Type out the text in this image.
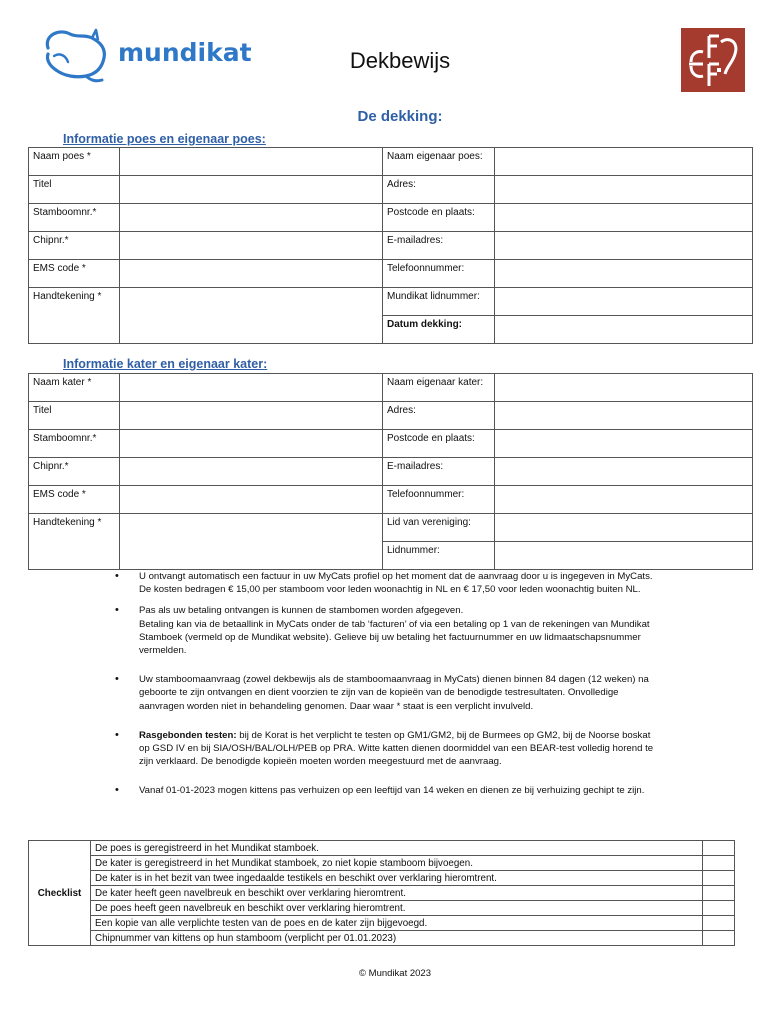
mundikat	Dekbewijs
De dekking:
Informatie poes en eigenaar poes:
Naam poes *		Naam eigenaar poes:	
Titel		Adres:	
Stamboomnr.*		Postcode en plaats:	
Chipnr.*		E-mailadres:	
EMS code *		Telefoonnummer:	
Handtekening *		Mundikat lidnummer:	
		Datum dekking:	
Informatie kater en eigenaar kater:
Naam kater *		Naam eigenaar kater:	
Titel		Adres:	
Stamboomnr.*		Postcode en plaats:	
Chipnr.*		E-mailadres:	
EMS code *		Telefoonnummer:	
Handtekening *		Lid van vereniging:	
		Lidnummer:	
• U ontvangt automatisch een factuur in uw MyCats profiel op het moment dat de aanvraag door u is ingegeven in MyCats. De kosten bedragen € 15,00 per stamboom voor leden woonachtig in NL en € 17,50 voor leden woonachtig buiten NL.
• Pas als uw betaling ontvangen is kunnen de stambomen worden afgegeven.
Betaling kan via de betaallink in MyCats onder de tab ‘facturen’ of via een betaling op 1 van de rekeningen van Mundikat Stamboek (vermeld op de Mundikat website). Gelieve bij uw betaling het factuurnummer en uw lidmaatschapsnummer vermelden.
• Uw stamboomaanvraag (zowel dekbewijs als de stamboomaanvraag in MyCats) dienen binnen 84 dagen (12 weken) na geboorte te zijn ontvangen en dient voorzien te zijn van de kopieën van de benodigde testresultaten. Onvolledige aanvragen worden niet in behandeling genomen. Daar waar * staat is een verplicht invulveld.
• Rasgebonden testen: bij de Korat is het verplicht te testen op GM1/GM2, bij de Burmees op GM2, bij de Noorse boskat op GSD IV en bij SIA/OSH/BAL/OLH/PEB op PRA. Witte katten dienen doormiddel van een BEAR-test volledig horend te zijn verklaard. De benodigde kopieën moeten worden meegestuurd met de aanvraag.
• Vanaf 01-01-2023 mogen kittens pas verhuizen op een leeftijd van 14 weken en dienen ze bij verhuizing gechipt te zijn.
Checklist	De poes is geregistreerd in het Mundikat stamboek.	
	De kater is geregistreerd in het Mundikat stamboek, zo niet kopie stamboom bijvoegen.	
	De kater is in het bezit van twee ingedaalde testikels en beschikt over verklaring hieromtrent.	
	De kater heeft geen navelbreuk en beschikt over verklaring hieromtrent.	
	De poes heeft geen navelbreuk en beschikt over verklaring hieromtrent.	
	Een kopie van alle verplichte testen van de poes en de kater zijn bijgevoegd.	
	Chipnummer van kittens op hun stamboom (verplicht per 01.01.2023)	
© Mundikat 2023
